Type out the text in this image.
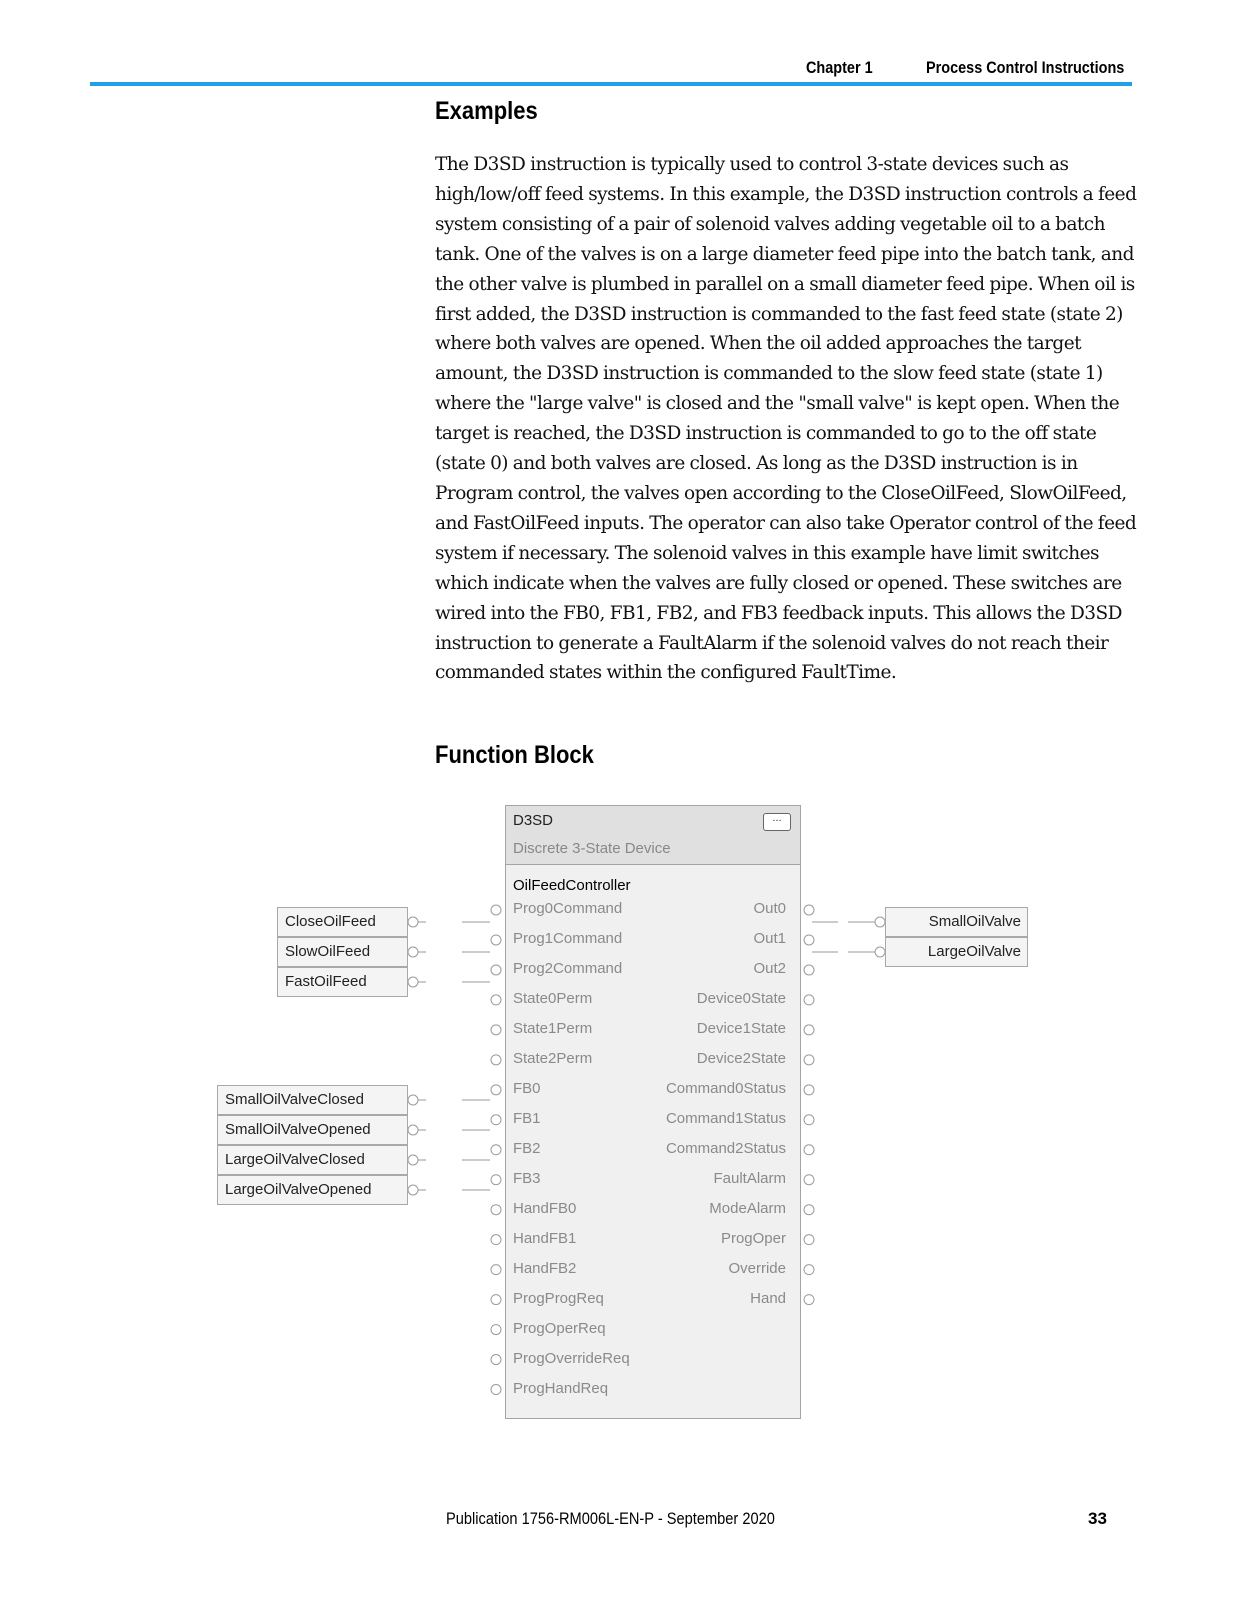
Chapter 1	Process Control Instructions
Examples

The D3SD instruction is typically used to control 3-state devices such as high/low/off feed systems. In this example, the D3SD instruction controls a feed system consisting of a pair of solenoid valves adding vegetable oil to a batch tank. One of the valves is on a large diameter feed pipe into the batch tank, and the other valve is plumbed in parallel on a small diameter feed pipe. When oil is first added, the D3SD instruction is commanded to the fast feed state (state 2) where both valves are opened. When the oil added approaches the target amount, the D3SD instruction is commanded to the slow feed state (state 1) where the "large valve" is closed and the "small valve" is kept open. When the target is reached, the D3SD instruction is commanded to go to the off state (state 0) and both valves are closed. As long as the D3SD instruction is in Program control, the valves open according to the CloseOilFeed, SlowOilFeed, and FastOilFeed inputs. The operator can also take Operator control of the feed system if necessary. The solenoid valves in this example have limit switches which indicate when the valves are fully closed or opened. These switches are wired into the FB0, FB1, FB2, and FB3 feedback inputs. This allows the D3SD instruction to generate a FaultAlarm if the solenoid valves do not reach their commanded states within the configured FaultTime.

Function Block
CloseOilFeed
SlowOilFeed
FastOilFeed
SmallOilValveClosed
SmallOilValveOpened
LargeOilValveClosed
LargeOilValveOpened
SmallOilValve
LargeOilValve
D3SD
Discrete 3-State Device
...
OilFeedController
Prog0Command
Prog1Command
Prog2Command
State0Perm
State1Perm
State2Perm
FB0
FB1
FB2
FB3
HandFB0
HandFB1
HandFB2
ProgProgReq
ProgOperReq
ProgOverrideReq
ProgHandReq
Out0
Out1
Out2
Device0State
Device1State
Device2State
Command0Status
Command1Status
Command2Status
FaultAlarm
ModeAlarm
ProgOper
Override
Hand
Publication 1756-RM006L-EN-P - September 2020	33
